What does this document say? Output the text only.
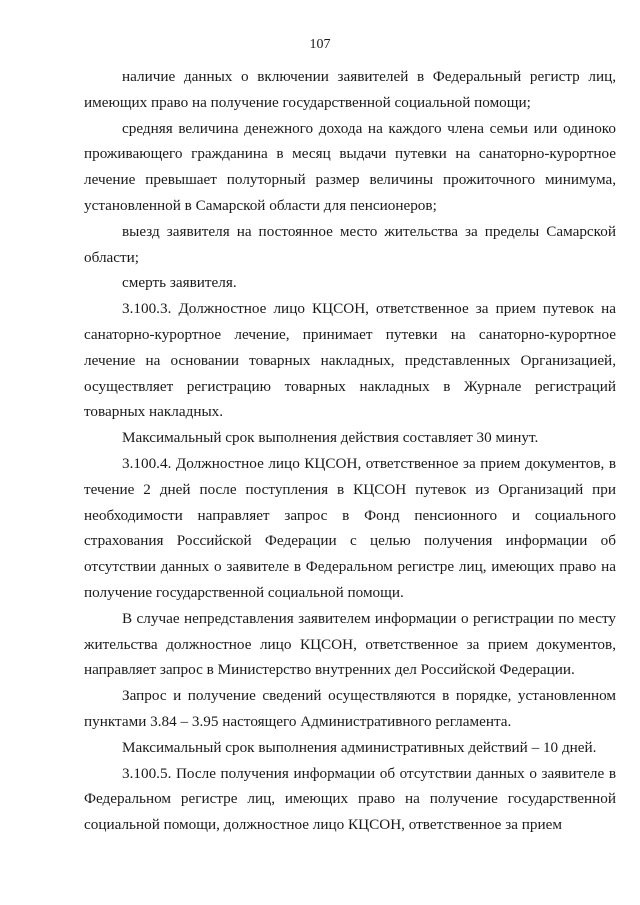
107

наличие данных о включении заявителей в Федеральный регистр лиц, имеющих право на получение государственной социальной помощи;

средняя величина денежного дохода на каждого члена семьи или одиноко проживающего гражданина в месяц выдачи путевки на санаторно-курортное лечение превышает полуторный размер величины прожиточного минимума, установленной в Самарской области для пенсионеров;

выезд заявителя на постоянное место жительства за пределы Самарской области;

смерть заявителя.

3.100.3. Должностное лицо КЦСОН, ответственное за прием путевок на санаторно-курортное лечение, принимает путевки на санаторно-курортное лечение на основании товарных накладных, представленных Организацией, осуществляет регистрацию товарных накладных в Журнале регистраций товарных накладных.

Максимальный срок выполнения действия составляет 30 минут.

3.100.4. Должностное лицо КЦСОН, ответственное за прием документов, в течение 2 дней после поступления в КЦСОН путевок из Организаций при необходимости направляет запрос в Фонд пенсионного и социального страхования Российской Федерации с целью получения информации об отсутствии данных о заявителе в Федеральном регистре лиц, имеющих право на получение государственной социальной помощи.

В случае непредставления заявителем информации о регистрации по месту жительства должностное лицо КЦСОН, ответственное за прием документов, направляет запрос в Министерство внутренних дел Российской Федерации.

Запрос и получение сведений осуществляются в порядке, установленном пунктами 3.84 – 3.95 настоящего Административного регламента.

Максимальный срок выполнения административных действий – 10 дней.

3.100.5. После получения информации об отсутствии данных о заявителе в Федеральном регистре лиц, имеющих право на получение государственной социальной помощи, должностное лицо КЦСОН, ответственное за прием
